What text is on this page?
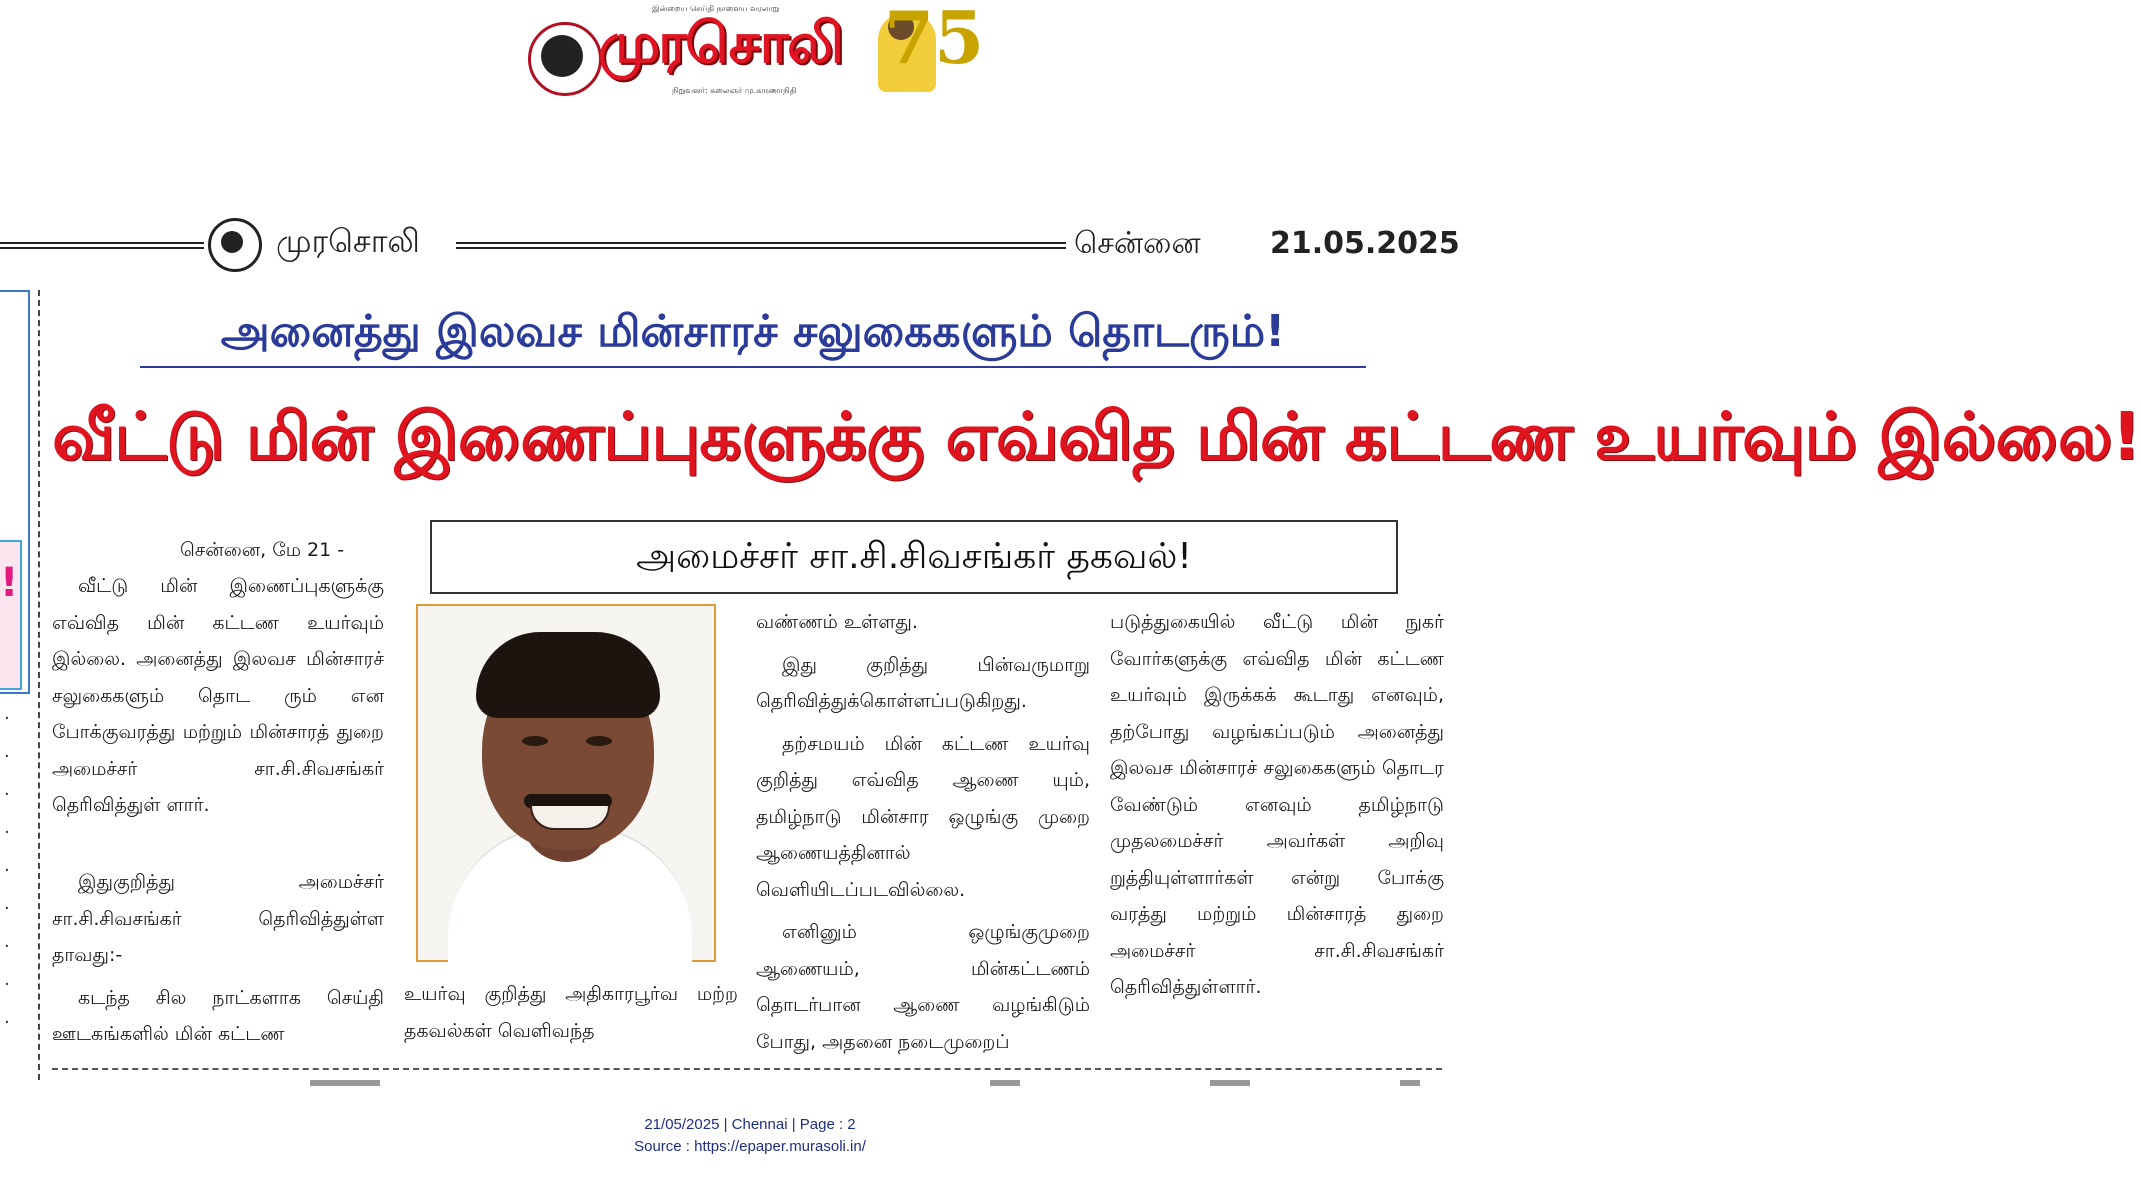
இன்றைய செய்தி நாளைய வரலாறு
முரசொலி
நிறுவனர்: கலைஞர் மு.கருணாநிதி
75
முரசொலி	சென்னை 21.05.2025
!
·
·
·
·
·
·
·
·
·
அனைத்து இலவச மின்சாரச் சலுகைகளும் தொடரும்!
வீட்டு மின் இணைப்புகளுக்கு எவ்வித மின் கட்டண உயர்வும் இல்லை!
அமைச்சர் சா.சி.சிவசங்கர் தகவல்!
சென்னை, மே 21 -

வீட்டு மின் இணைப்புகளுக்கு எவ்வித மின் கட்டண உயர்வும் இல்லை. அனைத்து இலவச மின்சாரச் சலுகைகளும் தொட ரும் என போக்குவரத்து மற்றும் மின்சாரத் துறை அமைச்சர் சா.சி.சிவசங்கர் தெரிவித்துள் ளார்.

இதுகுறித்து அமைச்சர் சா.சி.சிவசங்கர் தெரிவித்துள்ள தாவது:-

கடந்த சில நாட்களாக செய்தி ஊடகங்களில் மின் கட்டண

உயர்வு குறித்து அதிகாரபூர்வ மற்ற தகவல்கள் வெளிவந்த

வண்ணம் உள்ளது.

இது குறித்து பின்வருமாறு தெரிவித்துக்கொள்ளப்படுகிறது.

தற்சமயம் மின் கட்டண உயர்வு குறித்து எவ்வித ஆணை யும், தமிழ்நாடு மின்சார ஒழுங்கு முறை ஆணையத்தினால் வெளியிடப்படவில்லை.

எனினும் ஒழுங்குமுறை ஆணையம், மின்கட்டணம் தொடர்பான ஆணை வழங்கிடும் போது, அதனை நடைமுறைப்

படுத்துகையில் வீட்டு மின் நுகர் வோர்களுக்கு எவ்வித மின் கட்டண உயர்வும் இருக்கக் கூடாது எனவும், தற்போது வழங்கப்படும் அனைத்து இலவச மின்சாரச் சலுகைகளும் தொடர வேண்டும் எனவும் தமிழ்நாடு முதலமைச்சர் அவர்கள் அறிவு றுத்தியுள்ளார்கள் என்று போக்கு வரத்து மற்றும் மின்சாரத் துறை அமைச்சர் சா.சி.சிவசங்கர் தெரிவித்துள்ளார்.

21/05/2025 | Chennai | Page : 2
Source : https://epaper.murasoli.in/
